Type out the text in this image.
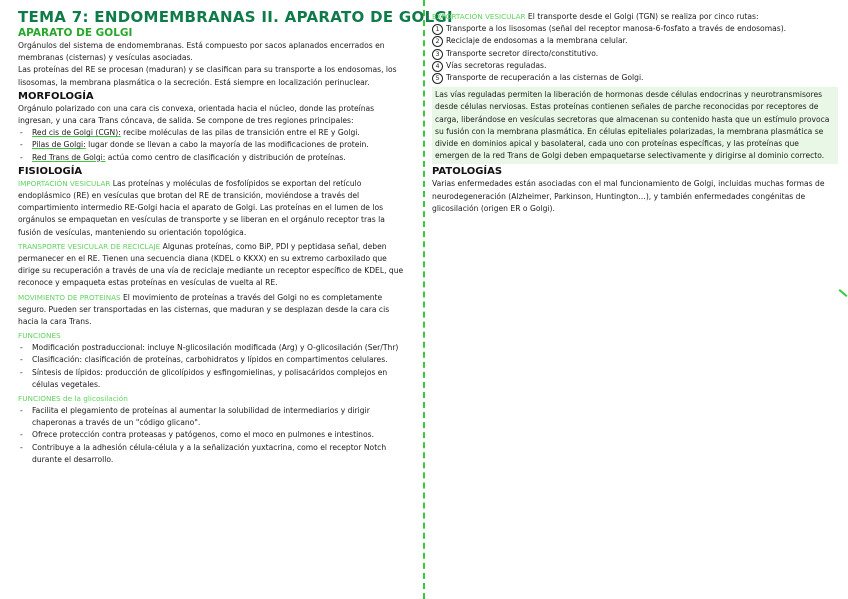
TEMA 7: ENDOMEMBRANAS II. APARATO DE GOLGI
APARATO DE GOLGI

Orgánulos del sistema de endomembranas. Está compuesto por sacos aplanados encerrados en membranas (cisternas) y vesículas asociadas.

Las proteínas del RE se procesan (maduran) y se clasifican para su transporte a los endosomas, los lisosomas, la membrana plasmática o la secreción. Está siempre en localización perinuclear.

MORFOLOGÍA

Orgánulo polarizado con una cara cis convexa, orientada hacia el núcleo, donde las proteínas ingresan, y una cara Trans cóncava, de salida. Se compone de tres regiones principales:

- Red cis de Golgi (CGN): recibe moléculas de las pilas de transición entre el RE y Golgi.
- Pilas de Golgi: lugar donde se llevan a cabo la mayoría de las modificaciones de protein.
- Red Trans de Golgi: actúa como centro de clasificación y distribución de proteínas.
FISIOLOGÍA

IMPORTACIÓN VESICULAR Las proteínas y moléculas de fosfolípidos se exportan del retículo endoplásmico (RE) en vesículas que brotan del RE de transición, moviéndose a través del compartimiento intermedio RE-Golgi hacia el aparato de Golgi. Las proteínas en el lumen de los orgánulos se empaquetan en vesículas de transporte y se liberan en el orgánulo receptor tras la fusión de vesículas, manteniendo su orientación topológica.

TRANSPORTE VESICULAR DE RECICLAJE Algunas proteínas, como BiP, PDI y peptidasa señal, deben permanecer en el RE. Tienen una secuencia diana (KDEL o KKXX) en su extremo carboxilado que dirige su recuperación a través de una vía de reciclaje mediante un receptor específico de KDEL, que reconoce y empaqueta estas proteínas en vesículas de vuelta al RE.

MOVIMIENTO DE PROTEÍNAS El movimiento de proteínas a través del Golgi no es completamente seguro. Pueden ser transportadas en las cisternas, que maduran y se desplazan desde la cara cis hacia la cara Trans.

FUNCIONES
- Modificación postraduccional: incluye N-glicosilación modificada (Arg) y O-glicosilación (Ser/Thr)
- Clasificación: clasificación de proteínas, carbohidratos y lípidos en compartimentos celulares.
- Síntesis de lípidos: producción de glicolípidos y esfingomielinas, y polisacáridos complejos en células vegetales.
FUNCIONES de la glicosilación
- Facilita el plegamiento de proteínas al aumentar la solubilidad de intermediarios y dirigir chaperonas a través de un "código glicano".
- Ofrece protección contra proteasas y patógenos, como el moco en pulmones e intestinos.
- Contribuye a la adhesión célula-célula y a la señalización yuxtacrina, como el receptor Notch durante el desarrollo.

EXPORTACIÓN VESICULAR El transporte desde el Golgi (TGN) se realiza por cinco rutas:

1 Transporte a los lisosomas (señal del receptor manosa-6-fosfato a través de endosomas).
2 Reciclaje de endosomas a la membrana celular.
3 Transporte secretor directo/constitutivo.
4 Vías secretoras reguladas.
5 Transporte de recuperación a las cisternas de Golgi.

Las vías reguladas permiten la liberación de hormonas desde células endocrinas y neurotransmisores desde células nerviosas. Estas proteínas contienen señales de parche reconocidas por receptores de carga, liberándose en vesículas secretoras que almacenan su contenido hasta que un estímulo provoca su fusión con la membrana plasmática. En células epiteliales polarizadas, la membrana plasmática se divide en dominios apical y basolateral, cada uno con proteínas específicas, y las proteínas que emergen de la red Trans de Golgi deben empaquetarse selectivamente y dirigirse al dominio correcto.

PATOLOGÍAS

Varias enfermedades están asociadas con el mal funcionamiento de Golgi, incluidas muchas formas de neurodegeneración (Alzheimer, Parkinson, Huntington…), y también enfermedades congénitas de glicosilación (origen ER o Golgi).
